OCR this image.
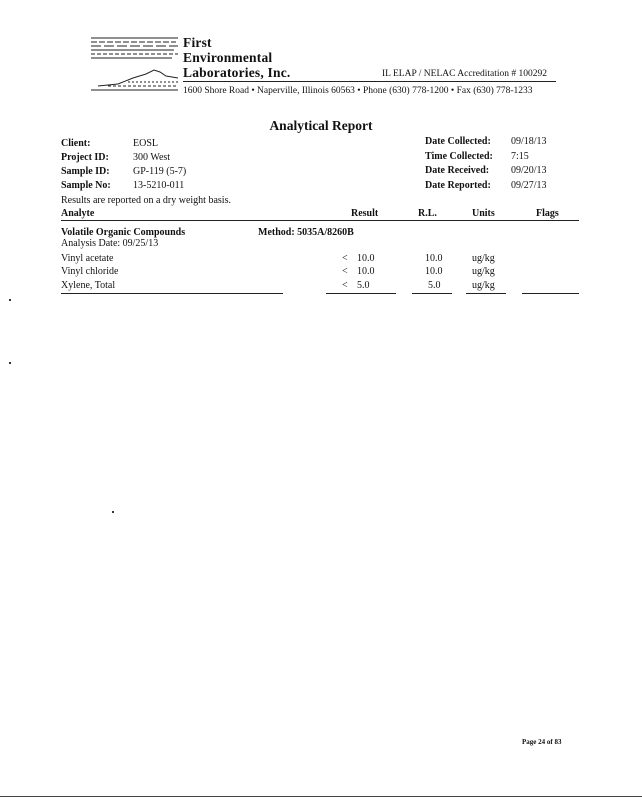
First
Environmental
Laboratories, Inc.	IL ELAP / NELAC Accreditation # 100292
1600 Shore Road • Naperville, Illinois 60563 • Phone (630) 778-1200 • Fax (630) 778-1233
Analytical Report
Client:	EOSL
Project ID: 300 West
Sample ID: GP-119 (5-7)
Sample No: 13-5210-011
Date Collected: 09/18/13
Time Collected: 7:15
Date Received: 09/20/13
Date Reported: 09/27/13
Results are reported on a dry weight basis.
Analyte	Result	R.L.	Units	Flags
Volatile Organic Compounds	Method: 5035A/8260B
Analysis Date: 09/25/13
Vinyl acetate	< 10.0	10.0	ug/kg
Vinyl chloride	< 10.0	10.0	ug/kg
Xylene, Total	< 5.0	5.0	ug/kg
Page 24 of 83
